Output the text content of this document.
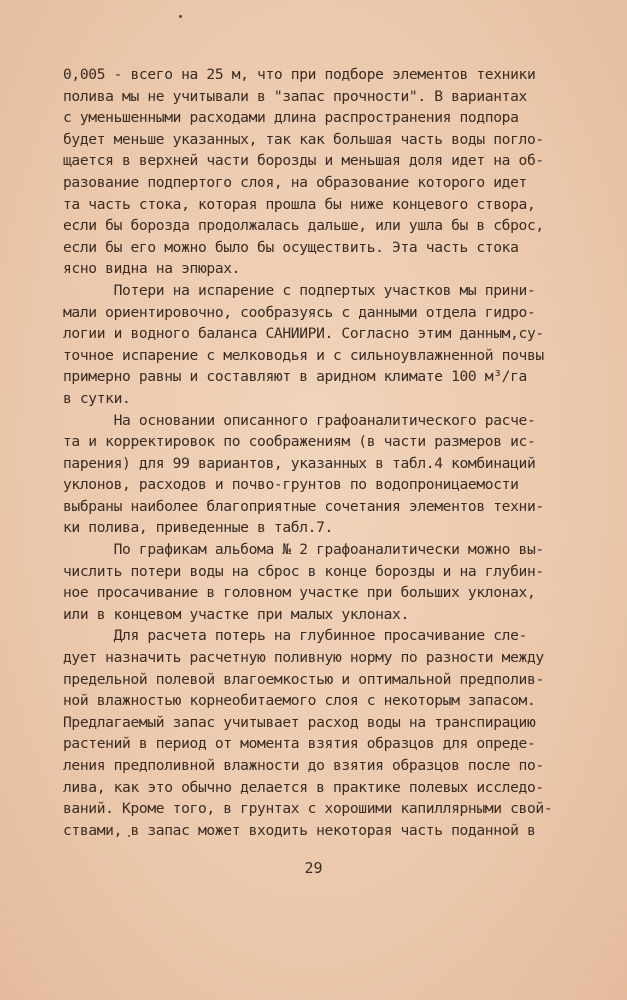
0,005 - всего на 25 м, что при подборе элементов техники
полива мы не учитывали в "запас прочности". В вариантах
с уменьшенными расходами длина распространения подпора
будет меньше указанных, так как большая часть воды погло-
щается в верхней части борозды и меньшая доля идет на об-
разование подпертого слоя, на образование которого идет
та часть стока, которая прошла бы ниже концевого створа,
если бы борозда продолжалась дальше, или ушла бы в сброс,
если бы его можно было бы осуществить. Эта часть стока
ясно видна на эпюрах.
Потери на испарение с подпертых участков мы прини-
мали ориентировочно, сообразуясь с данными отдела гидро-
логии и водного баланса САНИИРИ. Согласно этим данным,су-
точное испарение с мелководья и с сильноувлажненной почвы
примерно равны и составляют в аридном климате 100 м³/га
в сутки.
На основании описанного графоаналитического расче-
та и корректировок по соображениям (в части размеров ис-
парения) для 99 вариантов, указанных в табл.4 комбинаций
уклонов, расходов и почво-грунтов по водопроницаемости
выбраны наиболее благоприятные сочетания элементов техни-
ки полива, приведенные в табл.7.
По графикам альбома № 2 графоаналитически можно вы-
числить потери воды на сброс в конце борозды и на глубин-
ное просачивание в головном участке при больших уклонах,
или в концевом участке при малых уклонах.
Для расчета потерь на глубинное просачивание сле-
дует назначить расчетную поливную норму по разности между
предельной полевой влагоемкостью и оптимальной предполив-
ной влажностью корнеобитаемого слоя с некоторым запасом.
Предлагаемый запас учитывает расход воды на транспирацию
растений в период от момента взятия образцов для опреде-
ления предполивной влажности до взятия образцов после по-
лива, как это обычно делается в практике полевых исследо-
ваний. Кроме того, в грунтах с хорошими капиллярными свой-
ствами, в запас может входить некоторая часть поданной в
29
